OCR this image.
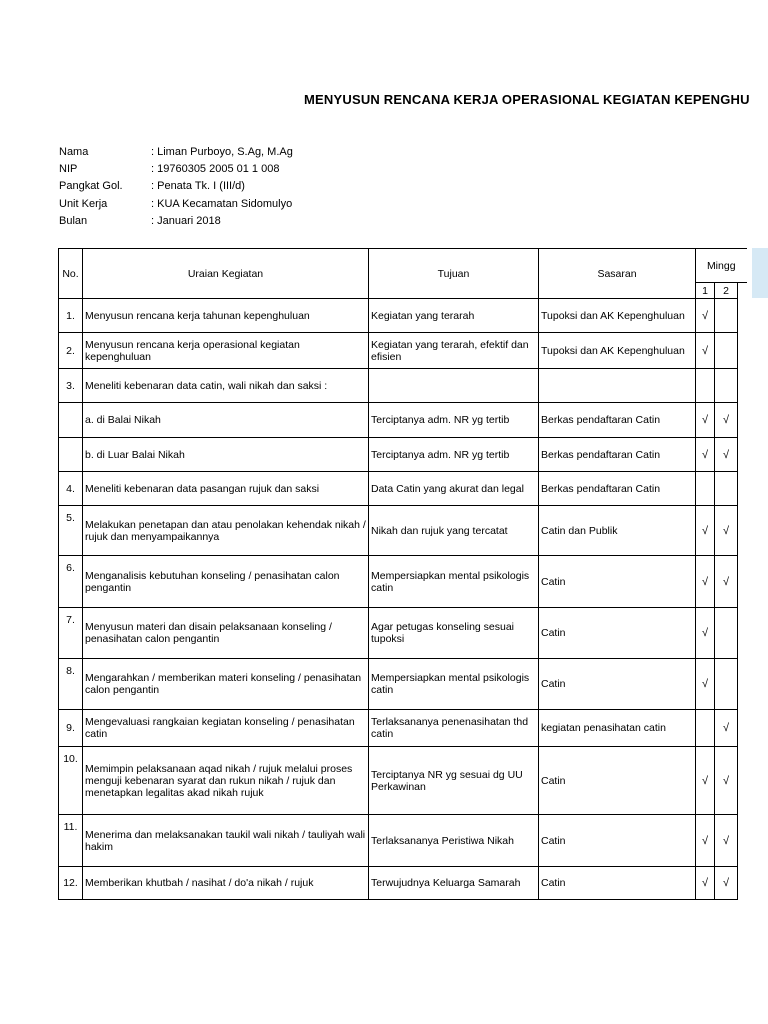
MENYUSUN RENCANA KERJA OPERASIONAL KEGIATAN KEPENGHU
Nama	: Liman Purboyo, S.Ag, M.Ag
NIP	: 19760305 2005 01 1 008
Pangkat Gol.	: Penata Tk. I (III/d)
Unit Kerja	: KUA Kecamatan Sidomulyo
Bulan	: Januari 2018
No.	Uraian Kegiatan	Tujuan	Sasaran	Mingg		
				1	2	
1.	Menyusun rencana kerja tahunan kepenghuluan	Kegiatan yang terarah	Tupoksi dan AK Kepenghuluan	√		
2.	Menyusun rencana kerja operasional kegiatan kepenghuluan	Kegiatan yang terarah, efektif dan efisien	Tupoksi dan AK Kepenghuluan	√		
3.	Meneliti kebenaran data catin, wali nikah dan saksi :					
	a. di Balai Nikah	Terciptanya adm. NR yg tertib	Berkas pendaftaran Catin	√	√	
	b. di Luar Balai Nikah	Terciptanya adm. NR yg tertib	Berkas pendaftaran Catin	√	√	
4.	Meneliti kebenaran data pasangan rujuk dan saksi	Data Catin yang akurat dan legal	Berkas pendaftaran Catin			
5.	Melakukan penetapan dan atau penolakan kehendak nikah / rujuk dan menyampaikannya	Nikah dan rujuk yang tercatat	Catin dan Publik	√	√	
6.	Menganalisis kebutuhan konseling / penasihatan calon pengantin	Mempersiapkan mental psikologis catin	Catin	√	√	
7.	Menyusun materi dan disain pelaksanaan konseling / penasihatan calon pengantin	Agar petugas konseling sesuai tupoksi	Catin	√		
8.	Mengarahkan / memberikan materi konseling / penasihatan calon pengantin	Mempersiapkan mental psikologis catin	Catin	√		
9.	Mengevaluasi rangkaian kegiatan konseling / penasihatan catin	Terlaksananya penenasihatan thd catin	kegiatan penasihatan catin		√	
10.	Memimpin pelaksanaan aqad nikah / rujuk melalui proses menguji kebenaran syarat dan rukun nikah / rujuk dan menetapkan legalitas akad nikah rujuk	Terciptanya NR yg sesuai dg UU Perkawinan	Catin	√	√	
11.	Menerima dan melaksanakan taukil wali nikah / tauliyah wali hakim	Terlaksananya Peristiwa Nikah	Catin	√	√	
12.	Memberikan khutbah / nasihat / do'a nikah / rujuk	Terwujudnya Keluarga Samarah	Catin	√	√	
